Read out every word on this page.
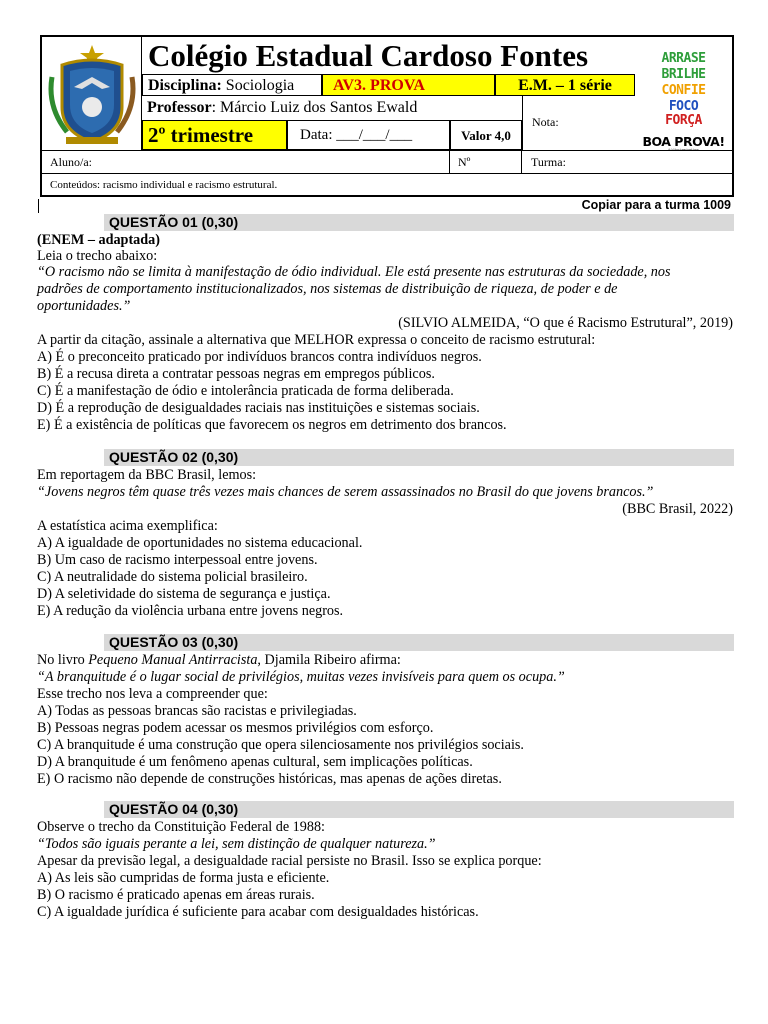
Colégio Estadual Cardoso Fontes	ARRASE
BRILHE
CONFIE
FOCO
FORÇA
BOA PROVA!
® Vitoriaanimations
Disciplina: Sociologia	AV3. PROVA	E.M. – 1 série
Professor: Márcio Luiz dos Santos Ewald
Nota:
2º trimestre	Data: ___/___/___	Valor 4,0
Aluno/a:	Nº	Turma:
Conteúdos: racismo individual e racismo estrutural.
Copiar para a turma 1009
QUESTÃO 01 (0,30)
(ENEM – adaptada)
Leia o trecho abaixo:
“O racismo não se limita à manifestação de ódio individual. Ele está presente nas estruturas da sociedade, nos
padrões de comportamento institucionalizados, nos sistemas de distribuição de riqueza, de poder e de
oportunidades.”
(SILVIO ALMEIDA, “O que é Racismo Estrutural”, 2019)
A partir da citação, assinale a alternativa que MELHOR expressa o conceito de racismo estrutural:
A) É o preconceito praticado por indivíduos brancos contra indivíduos negros.
B) É a recusa direta a contratar pessoas negras em empregos públicos.
C) É a manifestação de ódio e intolerância praticada de forma deliberada.
D) É a reprodução de desigualdades raciais nas instituições e sistemas sociais.
E) É a existência de políticas que favorecem os negros em detrimento dos brancos.
QUESTÃO 02 (0,30)
Em reportagem da BBC Brasil, lemos:
“Jovens negros têm quase três vezes mais chances de serem assassinados no Brasil do que jovens brancos.”
(BBC Brasil, 2022)
A estatística acima exemplifica:
A) A igualdade de oportunidades no sistema educacional.
B) Um caso de racismo interpessoal entre jovens.
C) A neutralidade do sistema policial brasileiro.
D) A seletividade do sistema de segurança e justiça.
E) A redução da violência urbana entre jovens negros.
QUESTÃO 03 (0,30)
No livro Pequeno Manual Antirracista, Djamila Ribeiro afirma:
“A branquitude é o lugar social de privilégios, muitas vezes invisíveis para quem os ocupa.”
Esse trecho nos leva a compreender que:
A) Todas as pessoas brancas são racistas e privilegiadas.
B) Pessoas negras podem acessar os mesmos privilégios com esforço.
C) A branquitude é uma construção que opera silenciosamente nos privilégios sociais.
D) A branquitude é um fenômeno apenas cultural, sem implicações políticas.
E) O racismo não depende de construções históricas, mas apenas de ações diretas.
QUESTÃO 04 (0,30)
Observe o trecho da Constituição Federal de 1988:
“Todos são iguais perante a lei, sem distinção de qualquer natureza.”
Apesar da previsão legal, a desigualdade racial persiste no Brasil. Isso se explica porque:
A) As leis são cumpridas de forma justa e eficiente.
B) O racismo é praticado apenas em áreas rurais.
C) A igualdade jurídica é suficiente para acabar com desigualdades históricas.
